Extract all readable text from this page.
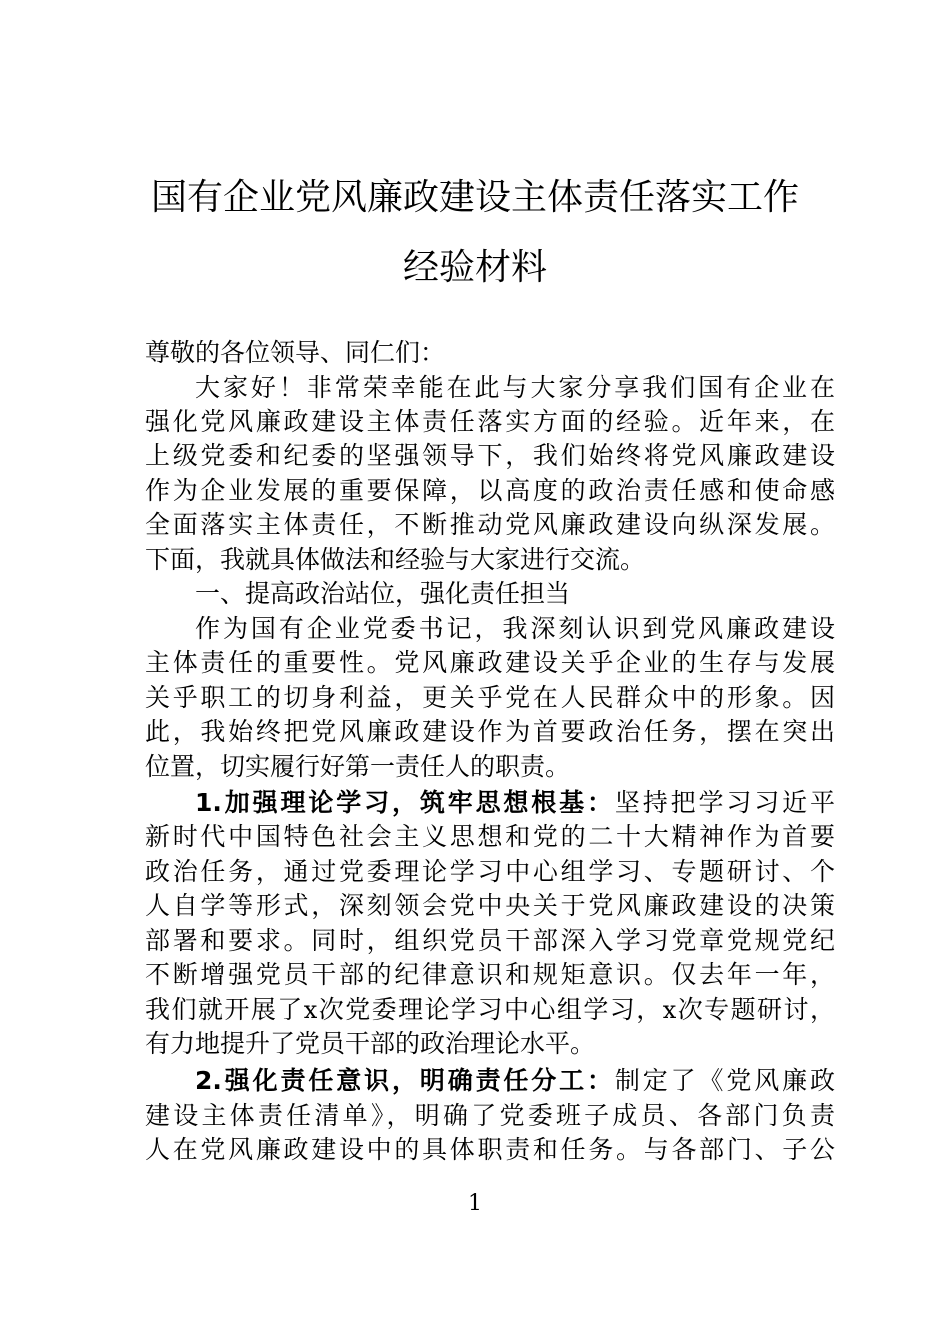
国有企业党风廉政建设主体责任落实工作
经验材料
尊敬的各位领导、同仁们：
大家好！非常荣幸能在此与大家分享我们国有企业在
强化党风廉政建设主体责任落实方面的经验。近年来，在
上级党委和纪委的坚强领导下，我们始终将党风廉政建设
作为企业发展的重要保障，以高度的政治责任感和使命感
全面落实主体责任，不断推动党风廉政建设向纵深发展。
下面，我就具体做法和经验与大家进行交流。
一、提高政治站位，强化责任担当
作为国有企业党委书记，我深刻认识到党风廉政建设
主体责任的重要性。党风廉政建设关乎企业的生存与发展
关乎职工的切身利益，更关乎党在人民群众中的形象。因
此，我始终把党风廉政建设作为首要政治任务，摆在突出
位置，切实履行好第一责任人的职责。
1.加强理论学习，筑牢思想根基：坚持把学习习近平
新时代中国特色社会主义思想和党的二十大精神作为首要
政治任务，通过党委理论学习中心组学习、专题研讨、个
人自学等形式，深刻领会党中央关于党风廉政建设的决策
部署和要求。同时，组织党员干部深入学习党章党规党纪
不断增强党员干部的纪律意识和规矩意识。仅去年一年，
我们就开展了x次党委理论学习中心组学习，x次专题研讨，
有力地提升了党员干部的政治理论水平。
2.强化责任意识，明确责任分工：制定了《党风廉政
建设主体责任清单》，明确了党委班子成员、各部门负责
人在党风廉政建设中的具体职责和任务。与各部门、子公
1
